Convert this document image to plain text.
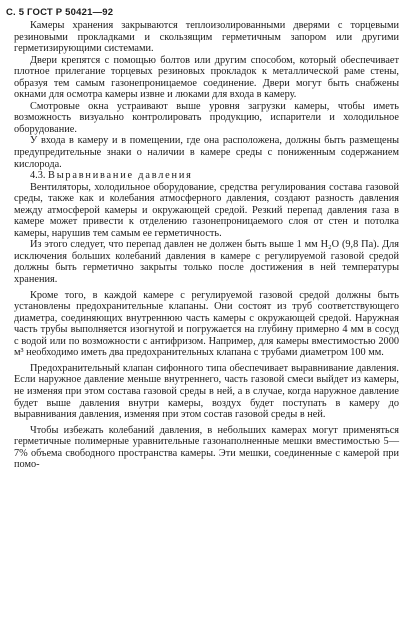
С. 5 ГОСТ Р 50421—92

Камеры хранения закрываются теплоизолированными дверями с торцевыми резиновыми прокладками и скользящим герметичным запором или другими герметизирующими системами.

Двери крепятся с помощью болтов или другим способом, который обеспечивает плотное прилегание торцевых резиновых прокладок к металлической раме стены, образуя тем самым газонепроницаемое соединение. Двери могут быть снабжены окнами для осмотра камеры извне и люками для входа в камеру.

Смотровые окна устраивают выше уровня загрузки камеры, чтобы иметь возможность визуально контролировать продукцию, испарители и холодильное оборудование.

У входа в камеру и в помещении, где она расположена, должны быть размещены предупредительные знаки о наличии в камере среды с пониженным содержанием кислорода.

4.3. Выравнивание давления

Вентиляторы, холодильное оборудование, средства регулирования состава газовой среды, также как и колебания атмосферного давления, создают разность давления между атмосферой камеры и окружающей средой. Резкий перепад давления газа в камере может привести к отделению газонепроницаемого слоя от стен и потолка камеры, нарушив тем самым ее герметичность.

Из этого следует, что перепад давлен не должен быть выше 1 мм H₂O (9,8 Па). Для исключения больших колебаний давления в камере с регулируемой газовой средой должны быть герметично закрыты только после достижения в ней температуры хранения.

Кроме того, в каждой камере с регулируемой газовой средой должны быть установлены предохранительные клапаны. Они состоят из труб соответствующего диаметра, соединяющих внутреннюю часть камеры с окружающей средой. Наружная часть трубы выполняется изогнутой и погружается на глубину примерно 4 мм в сосуд с водой или по возможности с антифризом. Например, для камеры вместимостью 2000 м³ необходимо иметь два предохранительных клапана с трубами диаметром 100 мм.

Предохранительный клапан сифонного типа обеспечивает выравнивание давления. Если наружное давление меньше внутреннего, часть газовой смеси выйдет из камеры, не изменяя при этом состава газовой среды в ней, а в случае, когда наружное давление будет выше давления внутри камеры, воздух будет поступать в камеру до выравнивания давления, изменяя при этом состав газовой среды в ней.

Чтобы избежать колебаний давления, в небольших камерах могут применяться герметичные полимерные уравнительные газонаполненные мешки вместимостью 5—7% объема свободного пространства камеры. Эти мешки, соединенные с камерой при помо-
